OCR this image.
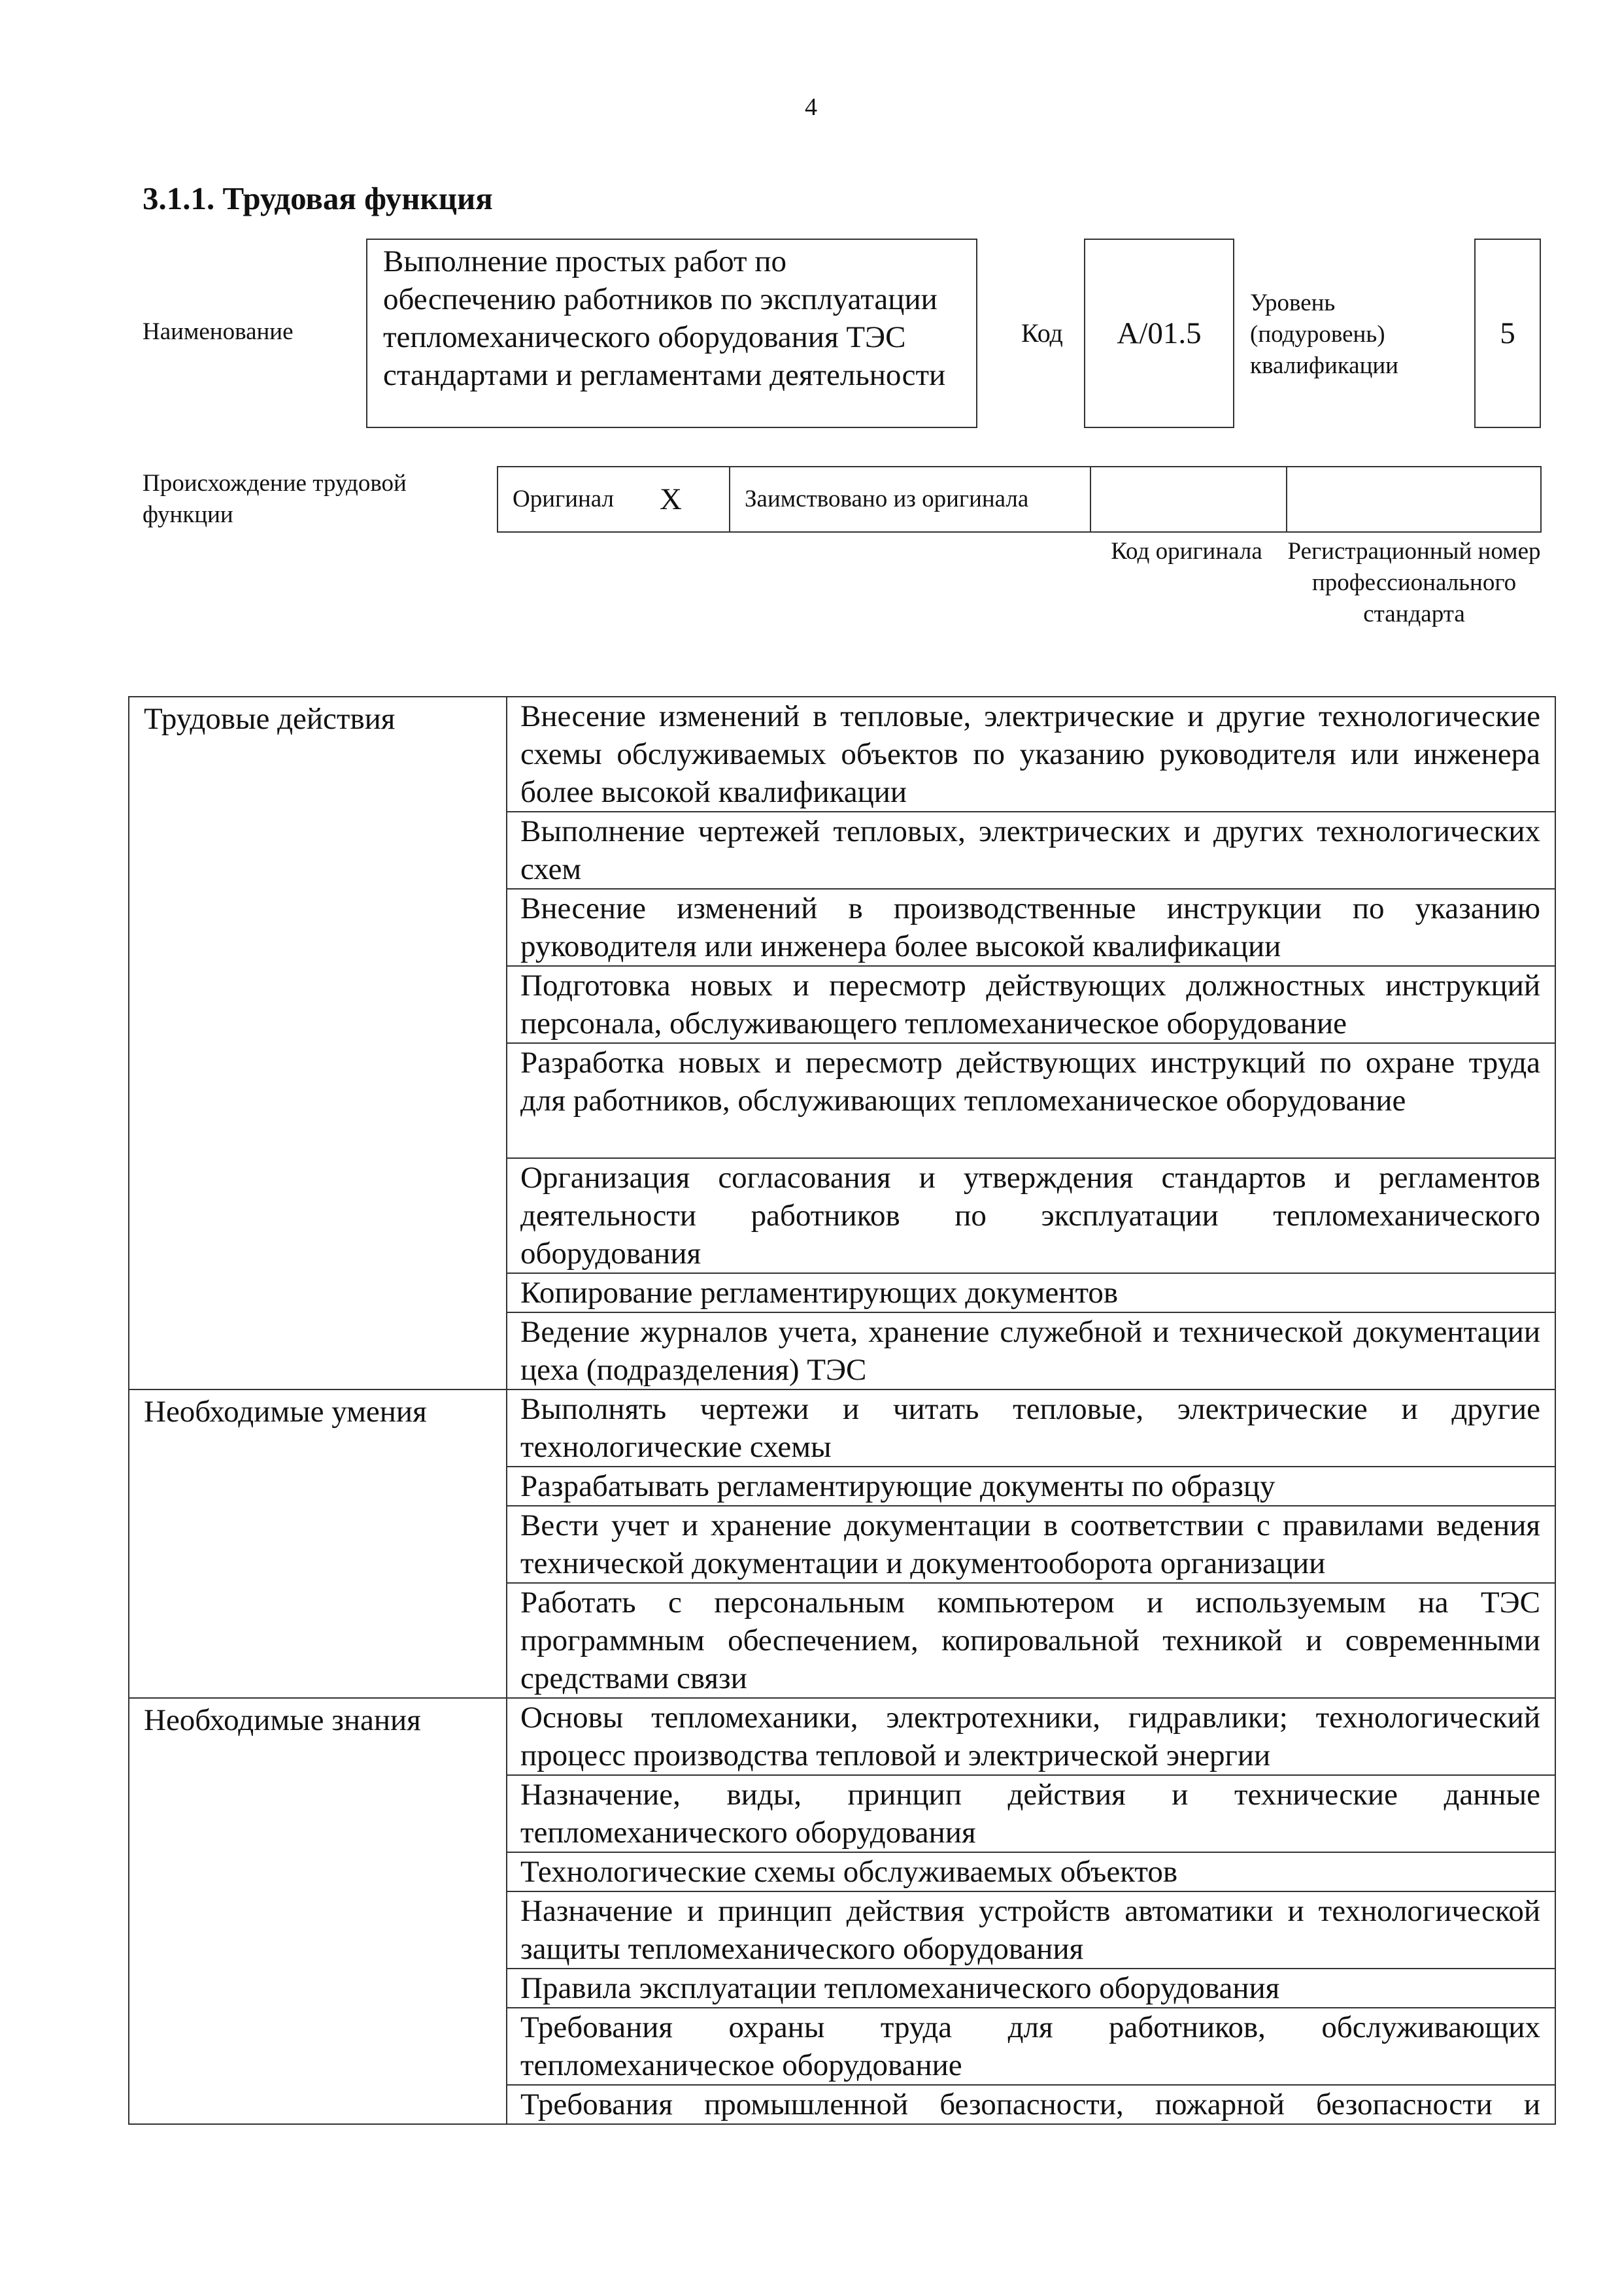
4
3.1.1. Трудовая функция
Наименование
Выполнение простых работ по обеспечению работников по эксплуатации тепломеханического оборудования ТЭС стандартами и регламентами деятельности
Код А/01.5
Уровень (подуровень) квалификации
5
Происхождение трудовой функции
Оригинал X	Заимствовано из оригинала
Код оригинала Регистрационный номер профессионального стандарта
Трудовые действия	Внесение изменений в тепловые, электрические и другие технологические схемы обслуживаемых объектов по указанию руководителя или инженера более высокой квалификации
	Выполнение чертежей тепловых, электрических и других технологических схем
	Внесение изменений в производственные инструкции по указанию руководителя или инженера более высокой квалификации
	Подготовка новых и пересмотр действующих должностных инструкций персонала, обслуживающего тепломеханическое оборудование
	Разработка новых и пересмотр действующих инструкций по охране труда для работников, обслуживающих тепломеханическое оборудование
	Организация согласования и утверждения стандартов и регламентов деятельности работников по эксплуатации тепломеханического оборудования
	Копирование регламентирующих документов
	Ведение журналов учета, хранение служебной и технической документации цеха (подразделения) ТЭС
Необходимые умения	Выполнять чертежи и читать тепловые, электрические и другие технологические схемы
	Разрабатывать регламентирующие документы по образцу
	Вести учет и хранение документации в соответствии с правилами ведения технической документации и документооборота организации
	Работать с персональным компьютером и используемым на ТЭС программным обеспечением, копировальной техникой и современными средствами связи
Необходимые знания	Основы тепломеханики, электротехники, гидравлики; технологический процесс производства тепловой и электрической энергии
	Назначение, виды, принцип действия и технические данные тепломеханического оборудования
	Технологические схемы обслуживаемых объектов
	Назначение и принцип действия устройств автоматики и технологической защиты тепломеханического оборудования
	Правила эксплуатации тепломеханического оборудования
	Требования охраны труда для работников, обслуживающих тепломеханическое оборудование
	Требования промышленной безопасности, пожарной безопасности и
